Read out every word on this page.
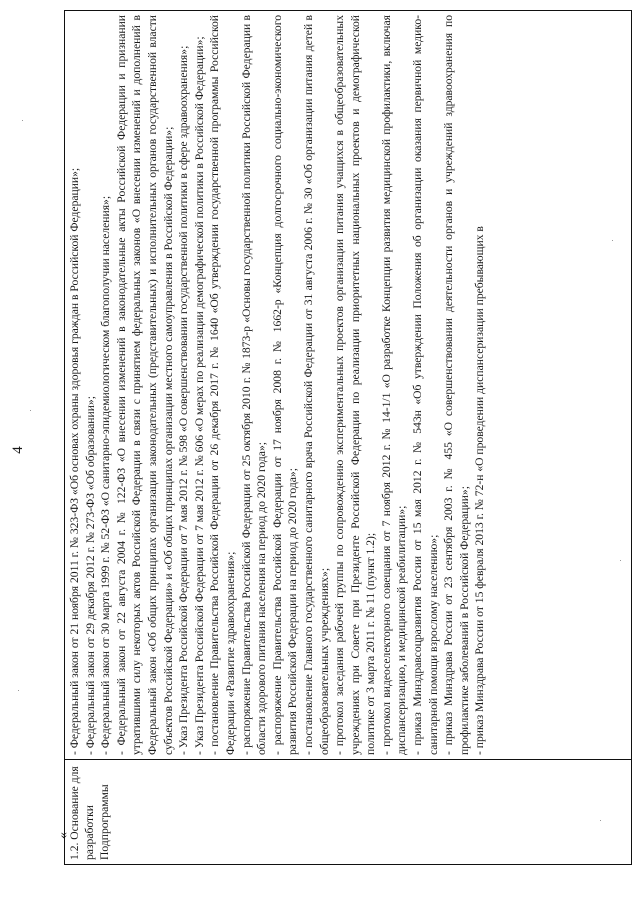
4
«
1.2. Основание для разработки Подпрограммы

- Федеральный закон от 21 ноября 2011 г. № 323-ФЗ «Об основах охраны здоровья граждан в Российской Федерации»; - Федеральный закон от 29 декабря 2012 г. № 273-ФЗ «Об образовании»; - Федеральный закон от 30 марта 1999 г. № 52-ФЗ «О санитарно-эпидемиологическом благополучии населения»; - Федеральный закон от 22 августа 2004 г. № 122-ФЗ «О внесении изменений в законодательные акты Российской Федерации и признании утратившими силу некоторых актов Российской Федерации в связи с принятием федеральных законов «О внесении изменений и дополнений в Федеральный закон «Об общих принципах организации законодательных (представительных) и исполнительных органов государственной власти субъектов Российской Федерации» и «Об общих принципах организации местного самоуправления в Российской Федерации»; - Указ Президента Российской Федерации от 7 мая 2012 г. № 598 «О совершенствовании государственной политики в сфере здравоохранения»; - Указ Президента Российской Федерации от 7 мая 2012 г. № 606 «О мерах по реализации демографической политики в Российской Федерации»; - постановление Правительства Российской Федерации от 26 декабря 2017 г. № 1640 «Об утверждении государственной программы Российской Федерации «Развитие здравоохранения»; - распоряжение Правительства Российской Федерации от 25 октября 2010 г. № 1873-р «Основы государственной политики Российской Федерации в области здорового питания населения на период до 2020 года»; - распоряжение Правительства Российской Федерации от 17 ноября 2008 г. № 1662-р «Концепция долгосрочного социально-экономического развития Российской Федерации на период до 2020 года»; - постановление Главного государственного санитарного врача Российской Федерации от 31 августа 2006 г. № 30 «Об организации питания детей в общеобразовательных учреждениях»; - протокол заседания рабочей группы по сопровождению экспериментальных проектов организации питания учащихся в общеобразовательных учреждениях при Совете при Президенте Российской Федерации по реализации приоритетных национальных проектов и демографической политике от 3 марта 2011 г. № 11 (пункт 1.2); - протокол видеоселекторного совещания от 7 ноября 2012 г. № 14-1/1 «О разработке Концепции развития медицинской профилактики, включая диспансеризацию, и медицинской реабилитации»; - приказ Минздравсоцразвития России от 15 мая 2012 г. № 543н «Об утверждении Положения об организации оказания первичной медико-санитарной помощи взрослому населению»; - приказ Минздрава России от 23 сентября 2003 г. № 455 «О совершенствовании деятельности органов и учреждений здравоохранения по профилактике заболеваний в Российской Федерации»; - приказ Минздрава России от 15 февраля 2013 г. № 72-н «О проведении диспансеризации пребывающих в
